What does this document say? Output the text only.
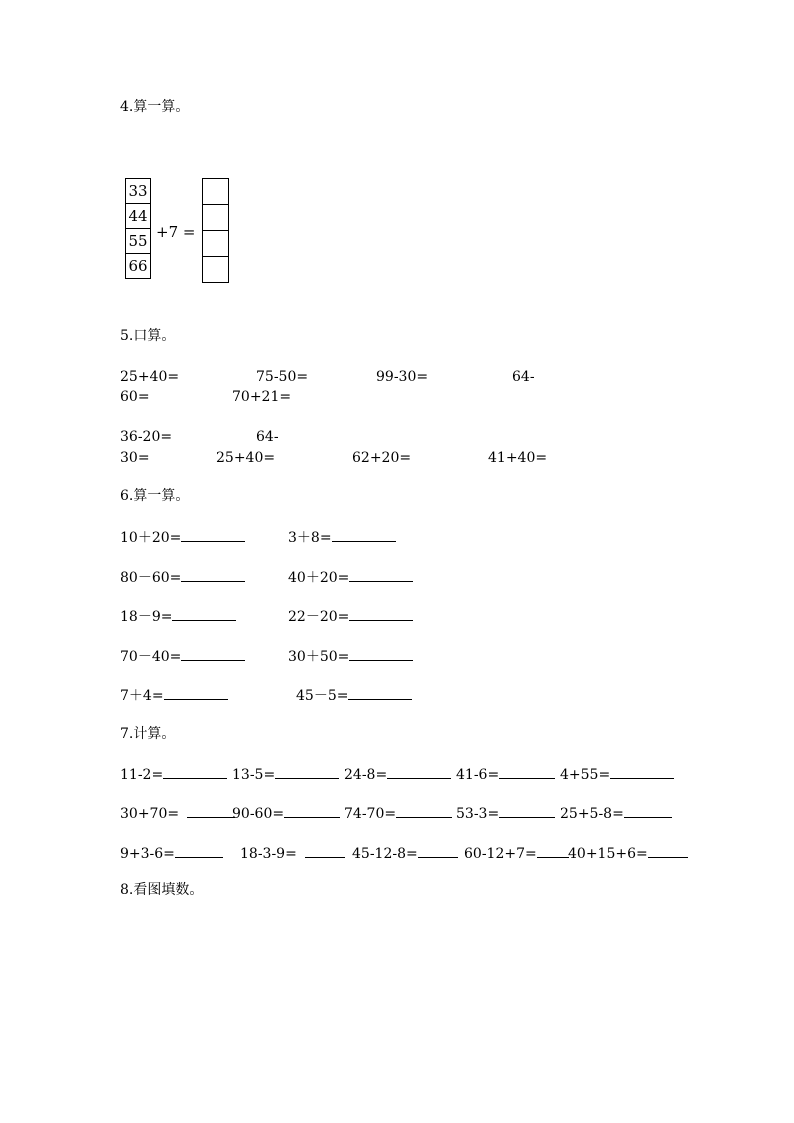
4.算一算。
33
44
55
66
+7 =
5.口算。
25+40=	75-50=	99-30=	64-
60=	70+21=
36-20=	64-
30=	25+40=	62+20=	41+40=
6.算一算。
10＋20=	3＋8=
80－60=	40＋20=
18－9=	22－20=
70－40=	30＋50=
7＋4=	45－5=
7.计算。
11-2=	13-5=	24-8=	41-6=	4+55=
30+70=	90-60=	74-70=	53-3=	25+5-8=
9+3-6=	18-3-9=	45-12-8=	60-12+7=	40+15+6=
8.看图填数。
